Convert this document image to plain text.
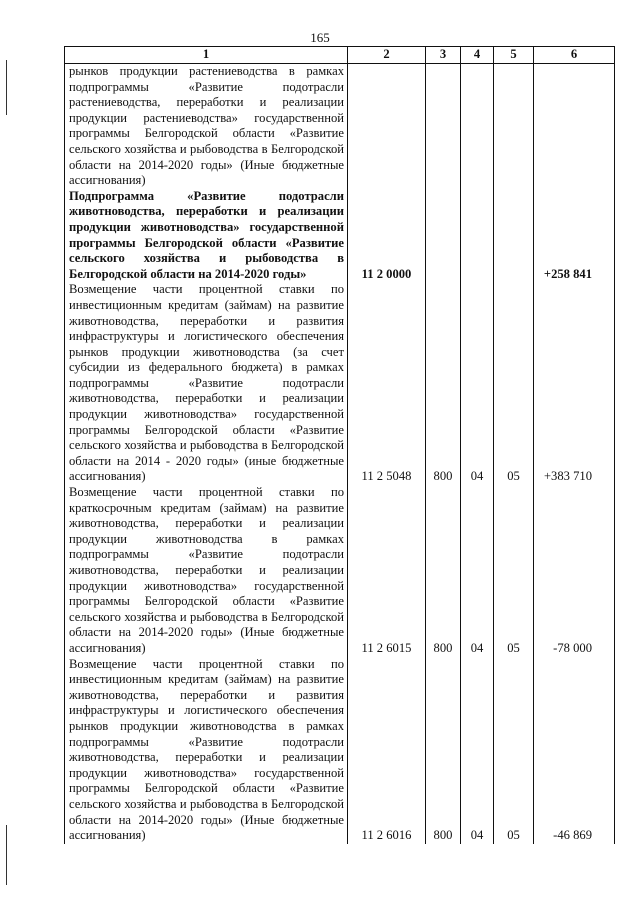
165
1	2	3	4	5	6
рынков продукции растениеводства в рамках подпрограммы «Развитие подотрасли растениеводства, переработки и реализации продукции растениеводства» государственной программы Белгородской области «Развитие сельского хозяйства и рыбоводства в Белгородской области на 2014-2020 годы» (Иные бюджетные ассигнования)					
Подпрограмма «Развитие подотрасли животноводства, переработки и реализации продукции животноводства» государственной программы Белгородской области «Развитие сельского хозяйства и рыбоводства в Белгородской области на 2014-2020 годы»	11 2 0000				+258 841
Возмещение части процентной ставки по инвестиционным кредитам (займам) на развитие животноводства, переработки и развития инфраструктуры и логистического обеспечения рынков продукции животноводства (за счет субсидии из федерального бюджета) в рамках подпрограммы «Развитие подотрасли животноводства, переработки и реализации продукции животноводства» государственной программы Белгородской области «Развитие сельского хозяйства и рыбоводства в Белгородской области на 2014 - 2020 годы» (иные бюджетные ассигнования)	11 2 5048	800	04	05	+383 710
Возмещение части процентной ставки по краткосрочным кредитам (займам) на развитие животноводства, переработки и реализации продукции животноводства в рамках подпрограммы «Развитие подотрасли животноводства, переработки и реализации продукции животноводства» государственной программы Белгородской области «Развитие сельского хозяйства и рыбоводства в Белгородской области на 2014-2020 годы» (Иные бюджетные ассигнования)	11 2 6015	800	04	05	-78 000
Возмещение части процентной ставки по инвестиционным кредитам (займам) на развитие животноводства, переработки и развития инфраструктуры и логистического обеспечения рынков продукции животноводства в рамках подпрограммы «Развитие подотрасли животноводства, переработки и реализации продукции животноводства» государственной программы Белгородской области «Развитие сельского хозяйства и рыбоводства в Белгородской области на 2014-2020 годы» (Иные бюджетные ассигнования)	11 2 6016	800	04	05	-46 869
